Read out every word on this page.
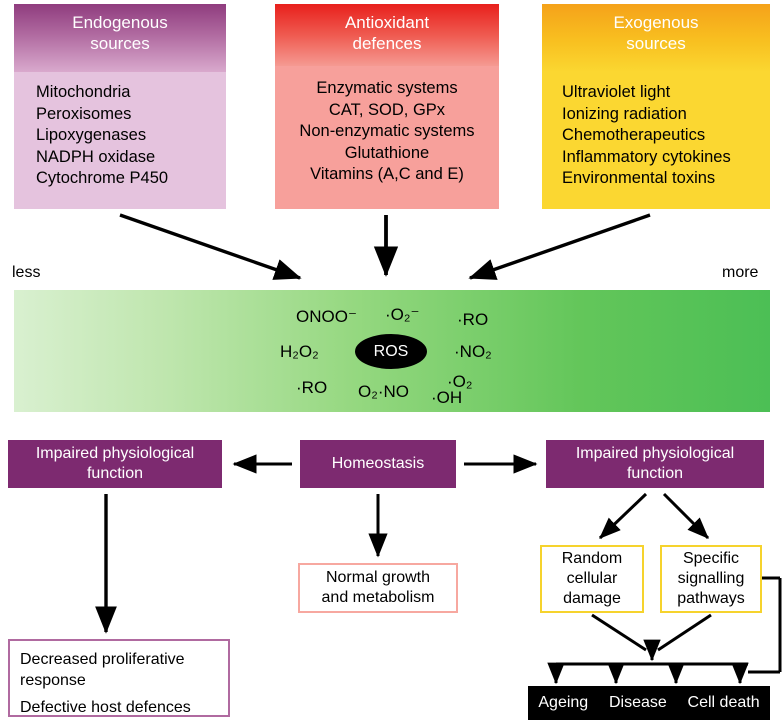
Endogenous
sources
Mitochondria
Peroxisomes
Lipoxygenases
NADPH oxidase
Cytochrome P450
Antioxidant
defences
Enzymatic systems
CAT, SOD, GPx
Non-enzymatic systems
Glutathione
Vitamins (A,C and E)
Exogenous
sources
Ultraviolet light
Ionizing radiation
Chemotherapeutics
Inflammatory cytokines
Environmental toxins
less	more
ONOO⁻ ·O₂⁻ ·RO
H₂O₂	·NO₂
·RO O₂·NO
·O₂
·OH
ROS
Impaired physiological
function
Homeostasis
Impaired physiological
function
Normal growth
and metabolism
Random
cellular
damage
Specific
signalling
pathways
Decreased proliferative
response
Defective host defences	Ageing Disease Cell death
